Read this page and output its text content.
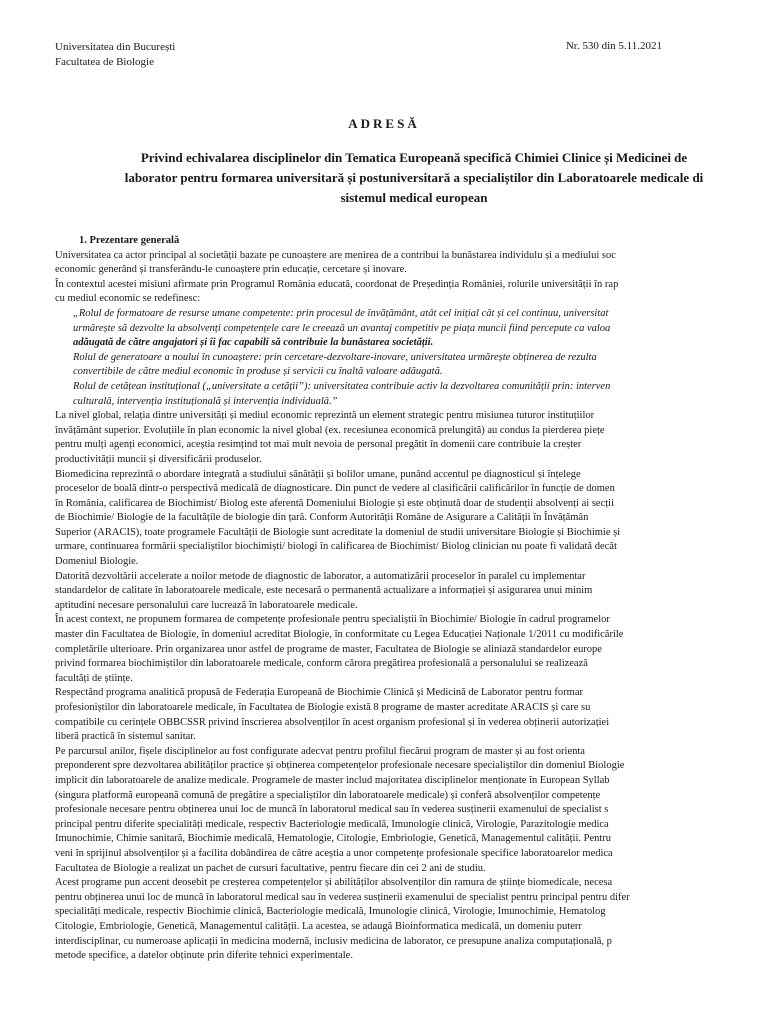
Universitatea din București
Facultatea de Biologie
Nr. 530 din 5.11.2021
ADRESĂ
Privind echivalarea disciplinelor din Tematica Europeană specifică Chimiei Clinice și Medicinei de
laborator pentru formarea universitară și postuniversitară a specialiștilor din Laboratoarele medicale di
sistemul medical european
1. Prezentare generală
Universitatea ca actor principal al societății bazate pe cunoaștere are menirea de a contribui la bunăstarea individulu și a mediului soc
economic generând și transferându-le cunoaștere prin educație, cercetare și inovare.
În contextul acestei misiuni afirmate prin Programul România educată, coordonat de Președinția României, rolurile universității în rap
cu mediul economic se redefinesc:
„Rolul de formatoare de resurse umane competente: prin procesul de învățământ, atât cel inițial cât și cel continuu, universitat
urmărește să dezvolte la absolvenți competențele care le creează un avantaj competitiv pe piața muncii fiind percepute ca valoa
adăugată de către angajatori și îi fac capabili să contribuie la bunăstarea societății.
Rolul de generatoare a noului în cunoaștere: prin cercetare-dezvoltare-inovare, universitatea urmărește obținerea de rezulta
convertibile de către mediul economic în produse și servicii cu înaltă valoare adăugată.
Rolul de cetățean instituțional („universitate a cetății”): universitatea contribuie activ la dezvoltarea comunității prin: interven
culturală, intervenția instituțională și intervenția individuală.”
La nivel global, relația dintre universități și mediul economic reprezintă un element strategic pentru misiunea tuturor instituțiilor
învățământ superior. Evoluțiile în plan economic la nivel global (ex. recesiunea economică prelungită) au condus la pierderea piețe
pentru mulți agenți economici, aceștia resimțind tot mai mult nevoia de personal pregătit în domenii care contribuie la creșter
productivității muncii și diversificării produselor.
Biomedicina reprezintă o abordare integrată a studiului sănătății și bolilor umane, punând accentul pe diagnosticul și înțelege
proceselor de boală dintr-o perspectivă medicală de diagnosticare. Din punct de vedere al clasificării calificărilor în funcție de domen
în România, calificarea de Biochimist/ Biolog este aferentă Domeniului Biologie și este obținută doar de studenții absolvenți ai secții
de Biochimie/ Biologie de la facultățile de biologie din țară. Conform Autorității Române de Asigurare a Calității în Învățămân
Superior (ARACIS), toate programele Facultății de Biologie sunt acreditate la domeniul de studii universitare Biologie și Biochimie și
urmare, continuarea formării specialiștilor biochimiști/ biologi în calificarea de Biochimist/ Biolog clinician nu poate fi validată decât
Domeniul Biologie.
Datorită dezvoltării accelerate a noilor metode de diagnostic de laborator, a automatizării proceselor în paralel cu implementar
standardelor de calitate în laboratoarele medicale, este necesară o permanentă actualizare a informației și asigurarea unui minim
aptitudini necesare personalului care lucrează în laboratoarele medicale.
În acest context, ne propunem formarea de competențe profesionale pentru specialiștii în Biochimie/ Biologie în cadrul programelor
master din Facultatea de Biologie, în domeniul acreditat Biologie, în conformitate cu Legea Educației Naționale 1/2011 cu modificările
completările ulterioare. Prin organizarea unor astfel de programe de master, Facultatea de Biologie se aliniază standardelor europe
privind formarea biochimiștilor din laboratoarele medicale, conform cărora pregătirea profesională a personalului se realizează
facultăți de științe.
Respectând programa analitică propusă de Federația Europeană de Biochimie Clinică și Medicină de Laborator pentru formar
profesioniștilor din laboratoarele medicale, în Facultatea de Biologie există 8 programe de master acreditate ARACIS și care su
compatibile cu cerințele OBBCSSR privind înscrierea absolvenților în acest organism profesional și în vederea obținerii autorizației
liberă practică în sistemul sanitar.
Pe parcursul anilor, fișele disciplinelor au fost configurate adecvat pentru profilul fiecărui program de master și au fost orienta
preponderent spre dezvoltarea abilităților practice și obținerea competențelor profesionale necesare specialiștilor din domeniul Biologie
implicit din laboratoarele de analize medicale. Programele de master includ majoritatea disciplinelor menționate în European Syllab
(singura platformă europeană comună de pregătire a specialiștilor din laboratoarele medicale) și conferă absolvenților competențe
profesionale necesare pentru obținerea unui loc de muncă în laboratorul medical sau în vederea susținerii examenului de specialist s
principal pentru diferite specialități medicale, respectiv Bacteriologie medicală, Imunologie clinică, Virologie, Parazitologie medica
Imunochimie, Chimie sanitară, Biochimie medicală, Hematologie, Citologie, Embriologie, Genetică, Managementul calității. Pentru
veni în sprijinul absolvenților și a facilita dobândirea de către aceștia a unor competențe profesionale specifice laboratoarelor medica
Facultatea de Biologie a realizat un pachet de cursuri facultative, pentru fiecare din cei 2 ani de studiu.
Acest programe pun accent deosebit pe creșterea competențelor și abilităților absolvenților din ramura de științe biomedicale, necesa
pentru obținerea unui loc de muncă în laboratorul medical sau în vederea susținerii examenului de specialist pentru principal pentru difer
specialități medicale, respectiv Biochimie clinică, Bacteriologie medicală, Imunologie clinică, Virologie, Imunochimie, Hematolog
Citologie, Embriologie, Genetică, Managementul calității. La acestea, se adaugă Bioinformatica medicală, un domeniu puterr
interdisciplinar, cu numeroase aplicații în medicina modernă, inclusiv medicina de laborator, ce presupune analiza computațională, p
metode specifice, a datelor obținute prin diferite tehnici experimentale.
